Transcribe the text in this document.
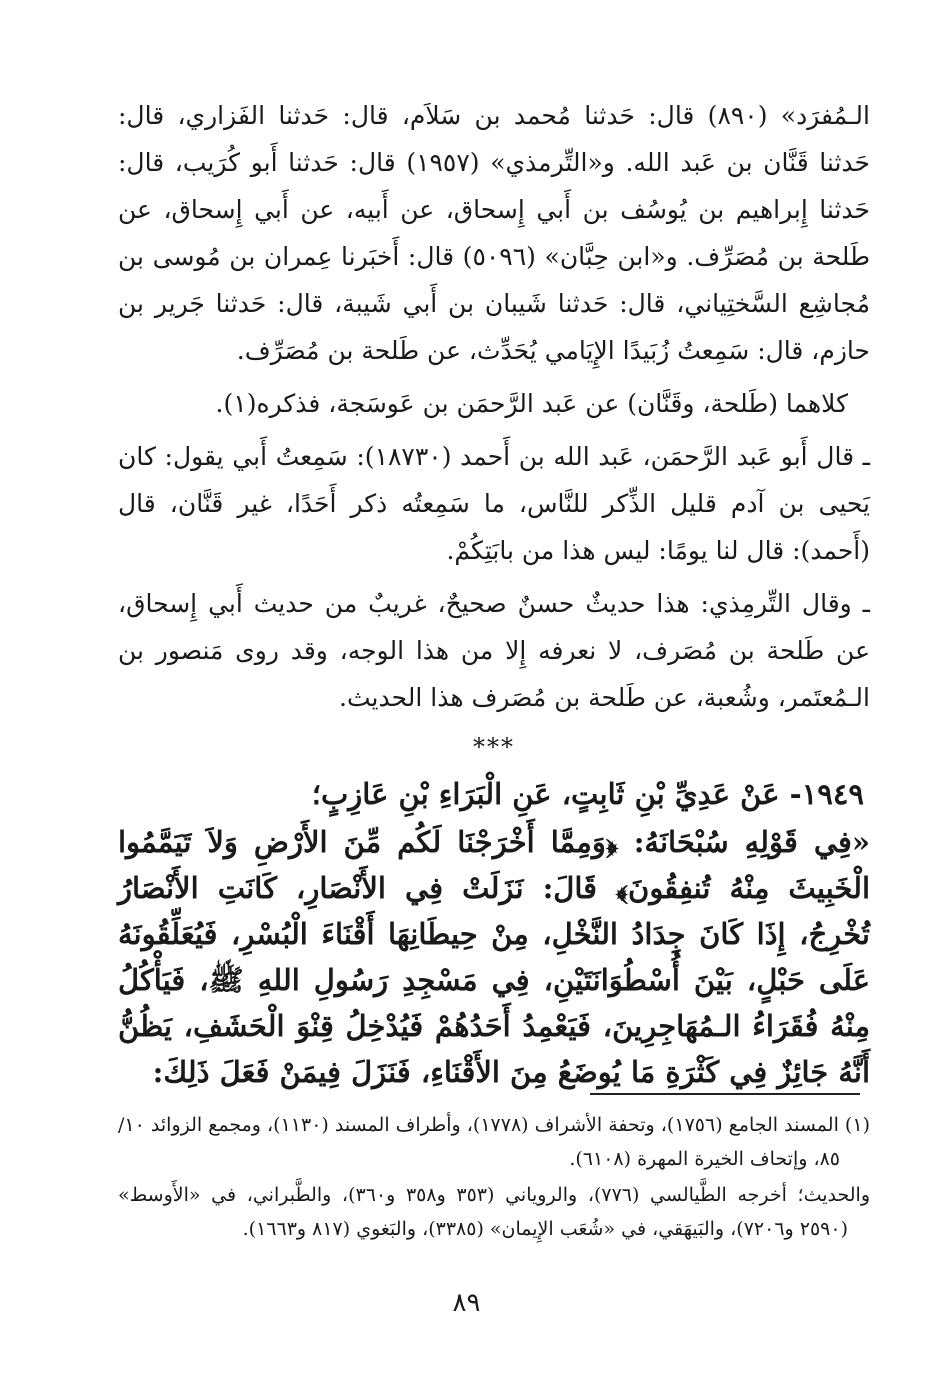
الـمُفرَد» (٨٩٠) قال: حَدثنا مُحمد بن سَلاَم، قال: حَدثنا الفَزاري، قال: حَدثنا قَنَّان بن عَبد الله. و«التِّرمذي» (١٩٥٧) قال: حَدثنا أَبو كُرَيب، قال: حَدثنا إِبراهيم بن يُوسُف بن أَبي إِسحاق، عن أَبيه، عن أَبي إِسحاق، عن طَلحة بن مُصَرِّف. و«ابن حِبَّان» (٥٠٩٦) قال: أَخبَرنا عِمران بن مُوسى بن مُجاشِع السَّختِياني، قال: حَدثنا شَيبان بن أَبي شَيبة، قال: حَدثنا جَرير بن حازم، قال: سَمِعتُ زُبَيدًا الإِيَامي يُحَدِّث، عن طَلحة بن مُصَرِّف.

كلاهما (طَلحة، وقَنَّان) عن عَبد الرَّحمَن بن عَوسَجة، فذكره(١).

ـ قال أَبو عَبد الرَّحمَن، عَبد الله بن أَحمد (١٨٧٣٠): سَمِعتُ أَبي يقول: كان يَحيى بن آدم قليل الذِّكر للنَّاس، ما سَمِعتُه ذكر أَحَدًا، غير قَنَّان، قال (أَحمد): قال لنا يومًا: ليس هذا من بابَتِكُمْ.

ـ وقال التِّرمِذي: هذا حديثٌ حسنٌ صحيحٌ، غريبٌ من حديث أَبي إِسحاق، عن طَلحة بن مُصَرف، لا نعرفه إِلا من هذا الوجه، وقد روى مَنصور بن الـمُعتَمر، وشُعبة، عن طَلحة بن مُصَرف هذا الحديث.

***

١٩٤٩- عَنْ عَدِيِّ بْنِ ثَابِتٍ، عَنِ الْبَرَاءِ بْنِ عَازِبٍ؛

«فِي قَوْلِهِ سُبْحَانَهُ: ﴿وَمِمَّا أَخْرَجْنَا لَكُم مِّنَ الأَرْضِ وَلاَ تَيَمَّمُوا الْخَبِيثَ مِنْهُ تُنفِقُونَ﴾ قَالَ: نَزَلَتْ فِي الأَنْصَارِ، كَانَتِ الأَنْصَارُ تُخْرِجُ، إِذَا كَانَ جِدَادُ النَّخْلِ، مِنْ حِيطَانِهَا أَقْنَاءَ الْبُسْرِ، فَيُعَلِّقُونَهُ عَلَى حَبْلٍ، بَيْنَ أُسْطُوَانَتَيْنِ، فِي مَسْجِدِ رَسُولِ اللهِ ﷺ، فَيَأْكُلُ مِنْهُ فُقَرَاءُ الـمُهَاجِرِينَ، فَيَعْمِدُ أَحَدُهُمْ فَيُدْخِلُ قِنْوَ الْحَشَفِ، يَظُنُّ أَنَّهُ جَائِزٌ فِي كَثْرَةِ مَا يُوضَعُ مِنَ الأَقْنَاءِ، فَنَزَلَ فِيمَنْ فَعَلَ ذَلِكَ:

(١) المسند الجامع (١٧٥٦)، وتحفة الأشراف (١٧٧٨)، وأطراف المسند (١١٣٠)، ومجمع الزوائد ١٠/ ٨٥، وإتحاف الخيرة المهرة (٦١٠٨).

والحديث؛ أخرجه الطَّيالسي (٧٧٦)، والروياني (٣٥٣ و٣٥٨ و٣٦٠)، والطَّبراني، في «الأَوسط» (٢٥٩٠ و٧٢٠٦)، والبَيهَقي، في «شُعَب الإِيمان» (٣٣٨٥)، والبَغوي (٨١٧ و١٦٦٣).

٨٩
